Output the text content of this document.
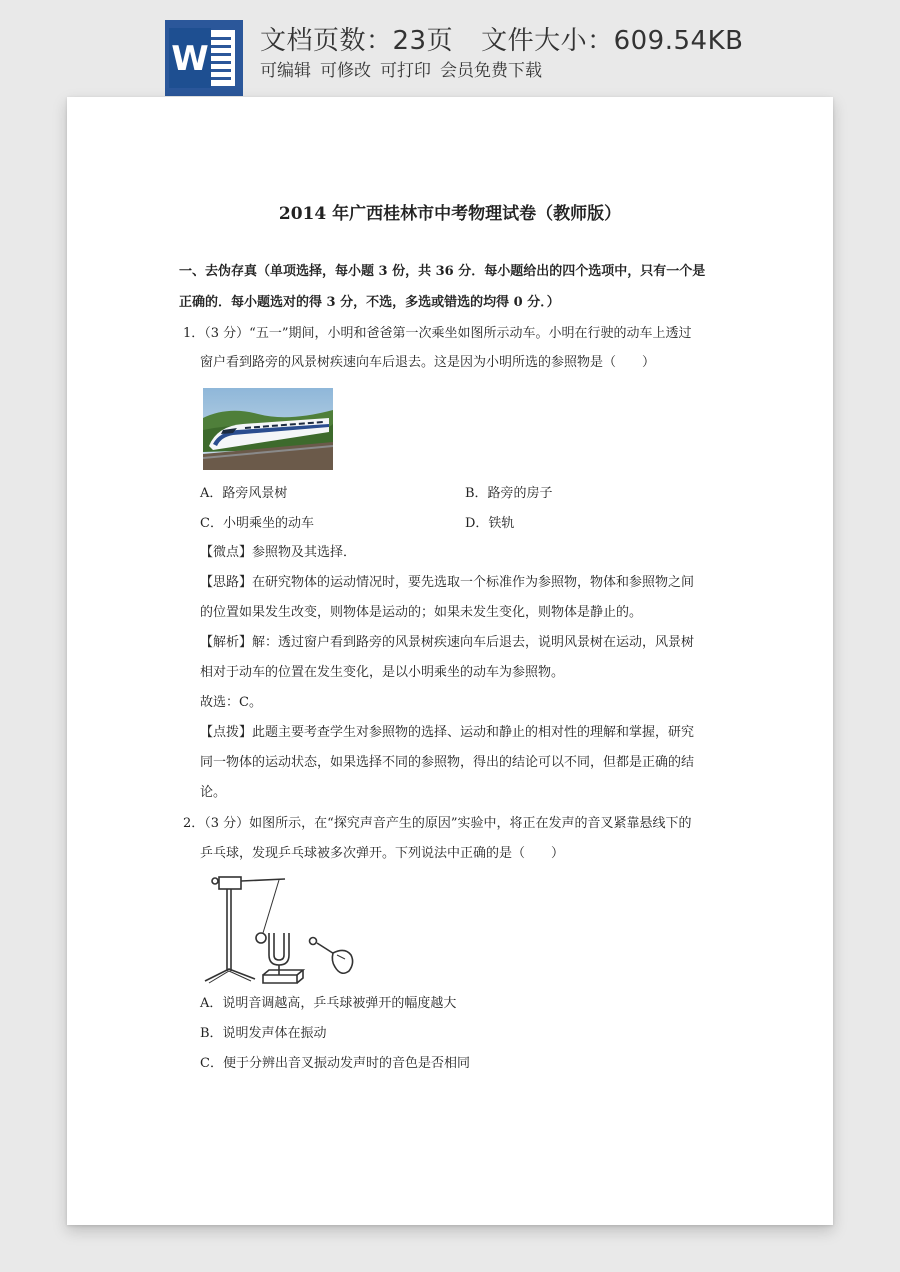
W 文档页数：23页 文件大小：609.54KB
可编辑 可修改 可打印 会员免费下载
2014 年广西桂林市中考物理试卷（教师版）
一、去伪存真（单项选择，每小题 3 份，共 36 分．每小题给出的四个选项中，只有一个是
正确的．每小题选对的得 3 分，不选，多选或错选的均得 0 分．）
1．（3 分）“五一”期间，小明和爸爸第一次乘坐如图所示动车。小明在行驶的动车上透过
窗户看到路旁的风景树疾速向车后退去。这是因为小明所选的参照物是（　　）
A．路旁风景树	B．路旁的房子
C．小明乘坐的动车	D．铁轨
【微点】参照物及其选择．
【思路】在研究物体的运动情况时，要先选取一个标准作为参照物，物体和参照物之间
的位置如果发生改变，则物体是运动的；如果未发生变化，则物体是静止的。
【解析】解：透过窗户看到路旁的风景树疾速向车后退去，说明风景树在运动，风景树
相对于动车的位置在发生变化，是以小明乘坐的动车为参照物。
故选：C。
【点拨】此题主要考查学生对参照物的选择、运动和静止的相对性的理解和掌握，研究
同一物体的运动状态，如果选择不同的参照物，得出的结论可以不同，但都是正确的结
论。
2．（3 分）如图所示，在“探究声音产生的原因”实验中，将正在发声的音叉紧靠悬线下的
乒乓球，发现乒乓球被多次弹开。下列说法中正确的是（　　）
A．说明音调越高，乒乓球被弹开的幅度越大
B．说明发声体在振动
C．便于分辨出音叉振动发声时的音色是否相同
